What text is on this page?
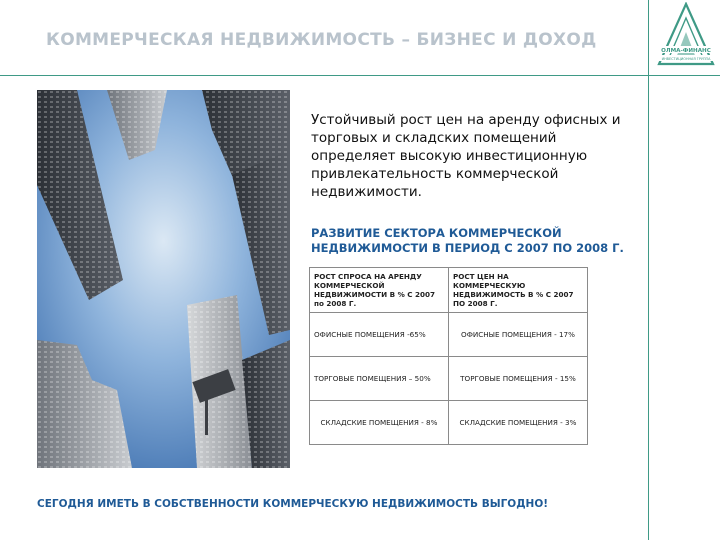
КОММЕРЧЕСКАЯ НЕДВИЖИМОСТЬ – БИЗНЕС И ДОХОД
ОЛМА-ФИНАНС
ИНВЕСТИЦИОННАЯ ГРУППА
Устойчивый рост цен на аренду офисных и торговых и складских помещений определяет высокую инвестиционную привлекательность коммерческой недвижимости.
РАЗВИТИЕ СЕКТОРА КОММЕРЧЕСКОЙ НЕДВИЖИМОСТИ В ПЕРИОД С 2007 ПО 2008 Г.
РОСТ СПРОСА НА АРЕНДУ КОММЕРЧЕСКОЙ НЕДВИЖИМОСТИ В % С 2007 по 2008 Г.	РОСТ ЦЕН НА КОММЕРЧЕСКУЮ НЕДВИЖИМОСТЬ В % С 2007 ПО 2008 Г.
ОФИСНЫЕ ПОМЕЩЕНИЯ -65%	ОФИСНЫЕ ПОМЕЩЕНИЯ - 17%
ТОРГОВЫЕ ПОМЕЩЕНИЯ – 50%	ТОРГОВЫЕ ПОМЕЩЕНИЯ - 15%
СКЛАДСКИЕ ПОМЕЩЕНИЯ - 8%	СКЛАДСКИЕ ПОМЕЩЕНИЯ - 3%
СЕГОДНЯ ИМЕТЬ В СОБСТВЕННОСТИ КОММЕРЧЕСКУЮ НЕДВИЖИМОСТЬ ВЫГОДНО!
